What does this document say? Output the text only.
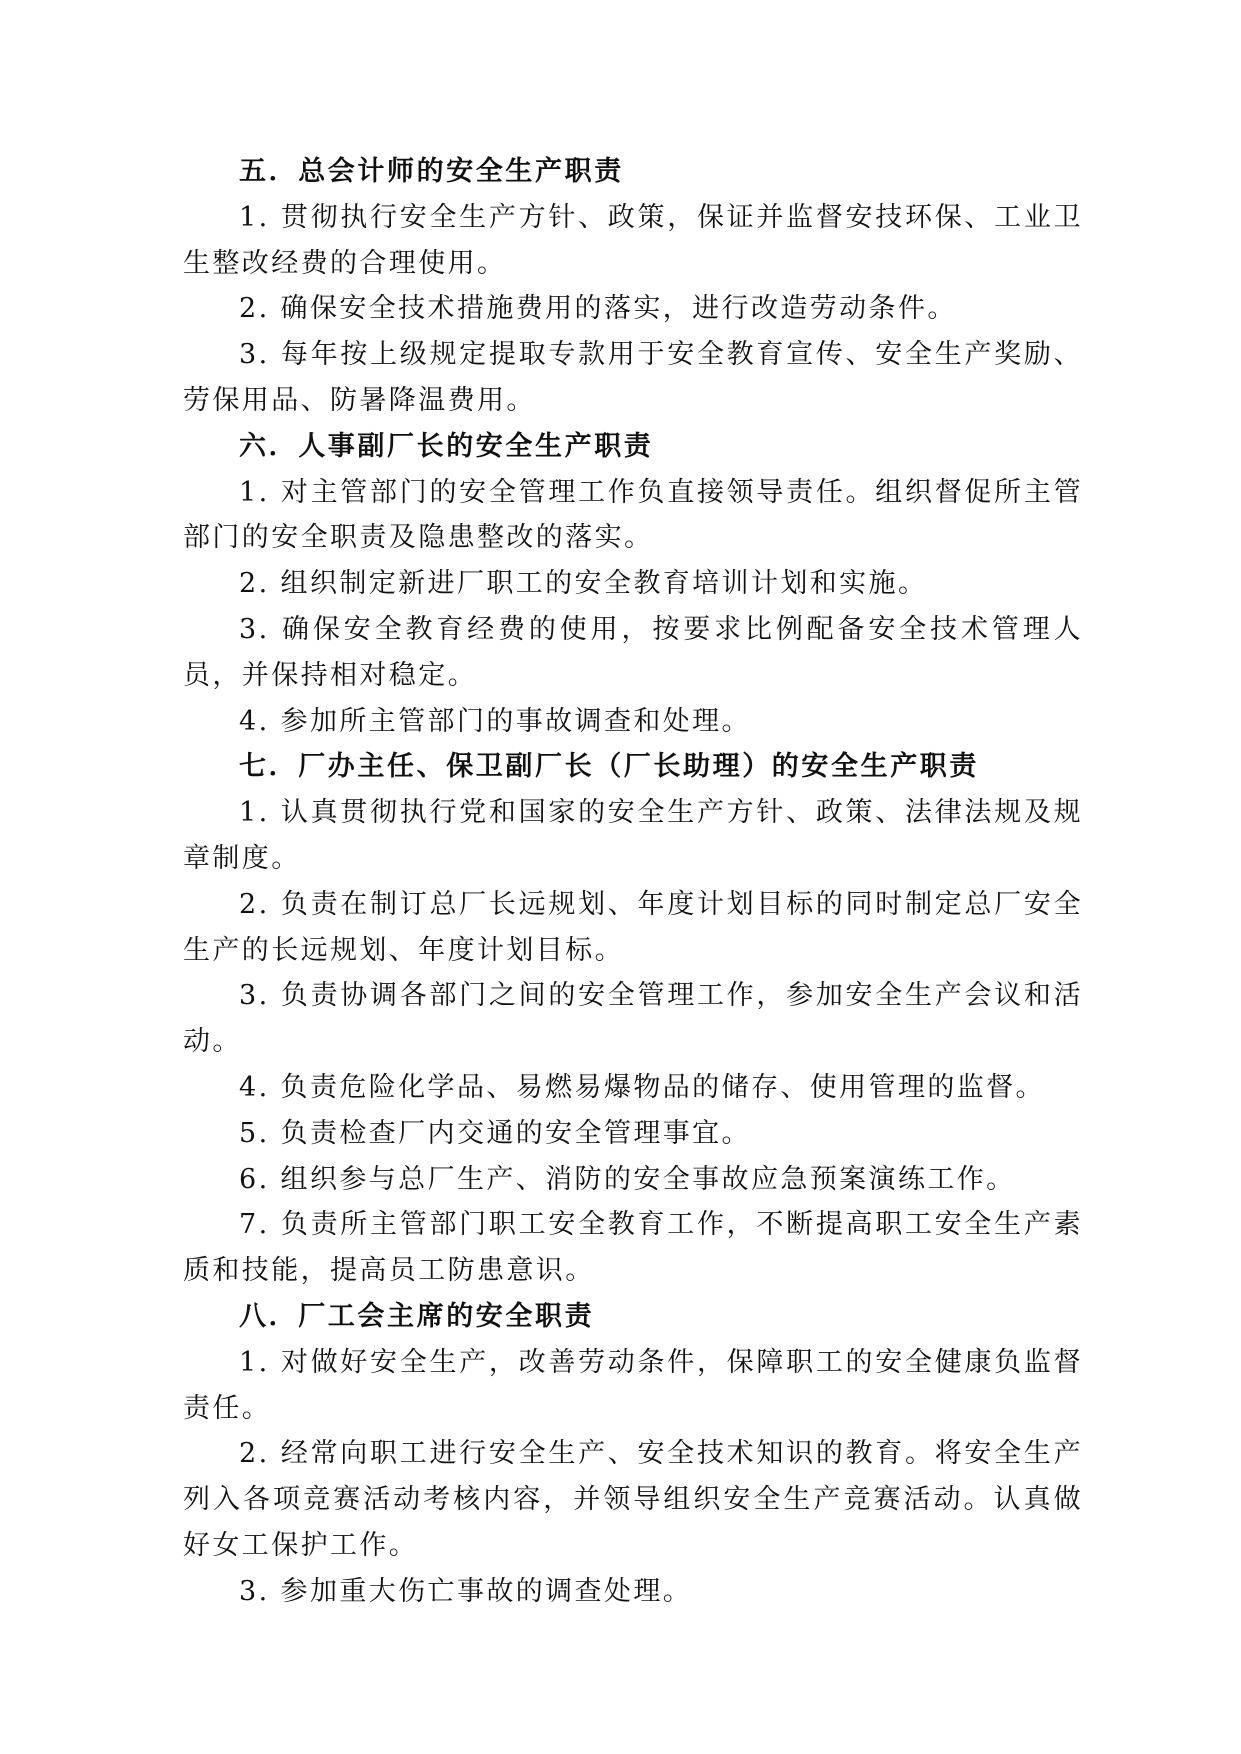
五．总会计师的安全生产职责

1. 贯彻执行安全生产方针、政策，保证并监督安技环保、工业卫生整改经费的合理使用。

2. 确保安全技术措施费用的落实，进行改造劳动条件。

3. 每年按上级规定提取专款用于安全教育宣传、安全生产奖励、劳保用品、防暑降温费用。

六．人事副厂长的安全生产职责

1. 对主管部门的安全管理工作负直接领导责任。组织督促所主管部门的安全职责及隐患整改的落实。

2. 组织制定新进厂职工的安全教育培训计划和实施。

3. 确保安全教育经费的使用，按要求比例配备安全技术管理人员，并保持相对稳定。

4. 参加所主管部门的事故调查和处理。

七．厂办主任、保卫副厂长（厂长助理）的安全生产职责

1. 认真贯彻执行党和国家的安全生产方针、政策、法律法规及规章制度。

2. 负责在制订总厂长远规划、年度计划目标的同时制定总厂安全生产的长远规划、年度计划目标。

3. 负责协调各部门之间的安全管理工作，参加安全生产会议和活动。

4. 负责危险化学品、易燃易爆物品的储存、使用管理的监督。

5. 负责检查厂内交通的安全管理事宜。

6. 组织参与总厂生产、消防的安全事故应急预案演练工作。

7. 负责所主管部门职工安全教育工作，不断提高职工安全生产素质和技能，提高员工防患意识。

八．厂工会主席的安全职责

1. 对做好安全生产，改善劳动条件，保障职工的安全健康负监督责任。

2. 经常向职工进行安全生产、安全技术知识的教育。将安全生产列入各项竞赛活动考核内容，并领导组织安全生产竞赛活动。认真做好女工保护工作。

3. 参加重大伤亡事故的调查处理。
